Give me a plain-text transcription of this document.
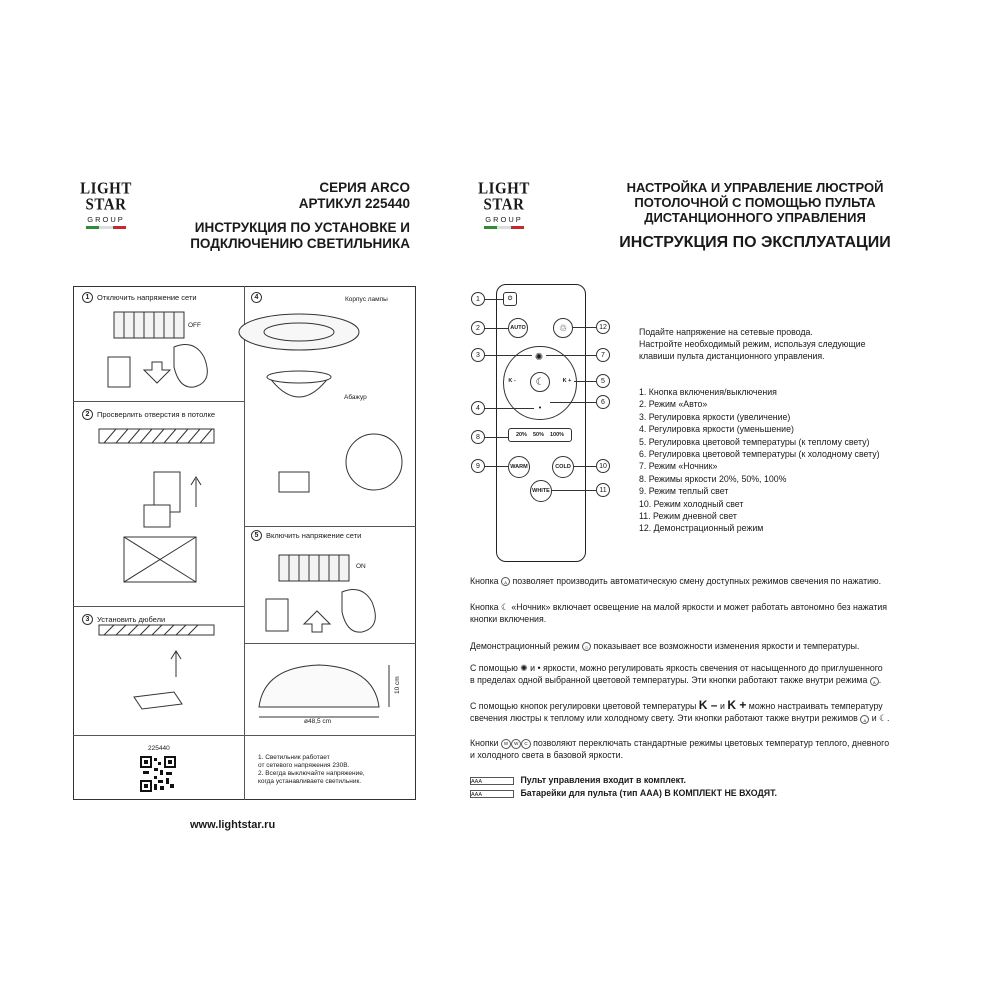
LIGHT
STAR
GROUP
СЕРИЯ ARCO
АРТИКУЛ 225440
ИНСТРУКЦИЯ ПО УСТАНОВКЕ И
ПОДКЛЮЧЕНИЮ СВЕТИЛЬНИКА
1	Отключить напряжение сети
2	Просверлить отверстия в потолке
3	Установить дюбели
4
5	Включить напряжение сети
OFF
ON
Корпус лампы
Абажур
ø48,5 cm
10 cm
225440
1. Светильник работает
от сетевого напряжения 230В.
2. Всегда выключайте напряжение,
когда устанавливаете светильник.
www.lightstar.ru
LIGHT
STAR
GROUP
НАСТРОЙКА И УПРАВЛЕНИЕ ЛЮСТРОЙ
ПОТОЛОЧНОЙ С ПОМОЩЬЮ ПУЛЬТА
ДИСТАНЦИОННОГО УПРАВЛЕНИЯ
ИНСТРУКЦИЯ ПО ЭКСПЛУАТАЦИИ
⏻
AUTO	♲
✺
☾
K -	K +
•
20% 50% 100%
WARM	COLD
WHITE
1
2
3
4
5
6
7
8
9	10
11
12	Подайте напряжение на сетевые провода.
Настройте необходимый режим, используя следующие
клавиши пульта дистанционного управления.
1. Кнопка включения/выключения
2. Режим «Авто»
3. Регулировка яркости (увеличение)
4. Регулировка яркости (уменьшение)
5. Регулировка цветовой температуры (к теплому свету)
6. Регулировка цветовой температуры (к холодному свету)
7. Режим «Ночник»
8. Режимы яркости 20%, 50%, 100%
9. Режим теплый свет
10. Режим холодный свет
11. Режим дневной свет
12. Демонстрационный режим
Кнопка A позволяет производить автоматическую смену доступных режимов свечения по нажатию.
Кнопка ☾ «Ночник» включает освещение на малой яркости и может работать автономно без нажатия
кнопки включения.
Демонстрационный режим ♲ показывает все возможности изменения яркости и температуры.
С помощью ✺ и • яркости, можно регулировать яркость свечения от насыщенного до приглушенного
в пределах одной выбранной цветовой температуры. Эти кнопки работают также внутри режима A .
С помощью кнопок регулировки цветовой температуры K – и K + можно настраивать температуру
свечения люстры к теплому или холодному свету. Эти кнопки работают также внутри режимов A и ☾.
Кнопки W W C позволяют переключать стандартные режимы цветовых температур теплого, дневного
и холодного света в базовой яркости.
AAA	Пульт управления входит в комплект.
AAA	Батарейки для пульта (тип ААА) В КОМПЛЕКТ НЕ ВХОДЯТ.
